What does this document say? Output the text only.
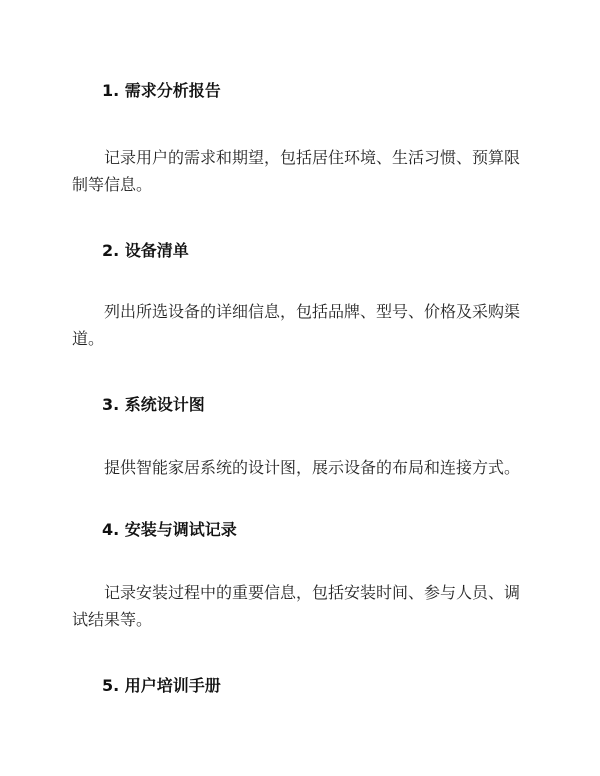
1. 需求分析报告

记录用户的需求和期望，包括居住环境、生活习惯、预算限制等信息。

2. 设备清单

列出所选设备的详细信息，包括品牌、型号、价格及采购渠道。

3. 系统设计图

提供智能家居系统的设计图，展示设备的布局和连接方式。

4. 安装与调试记录

记录安装过程中的重要信息，包括安装时间、参与人员、调试结果等。

5. 用户培训手册
